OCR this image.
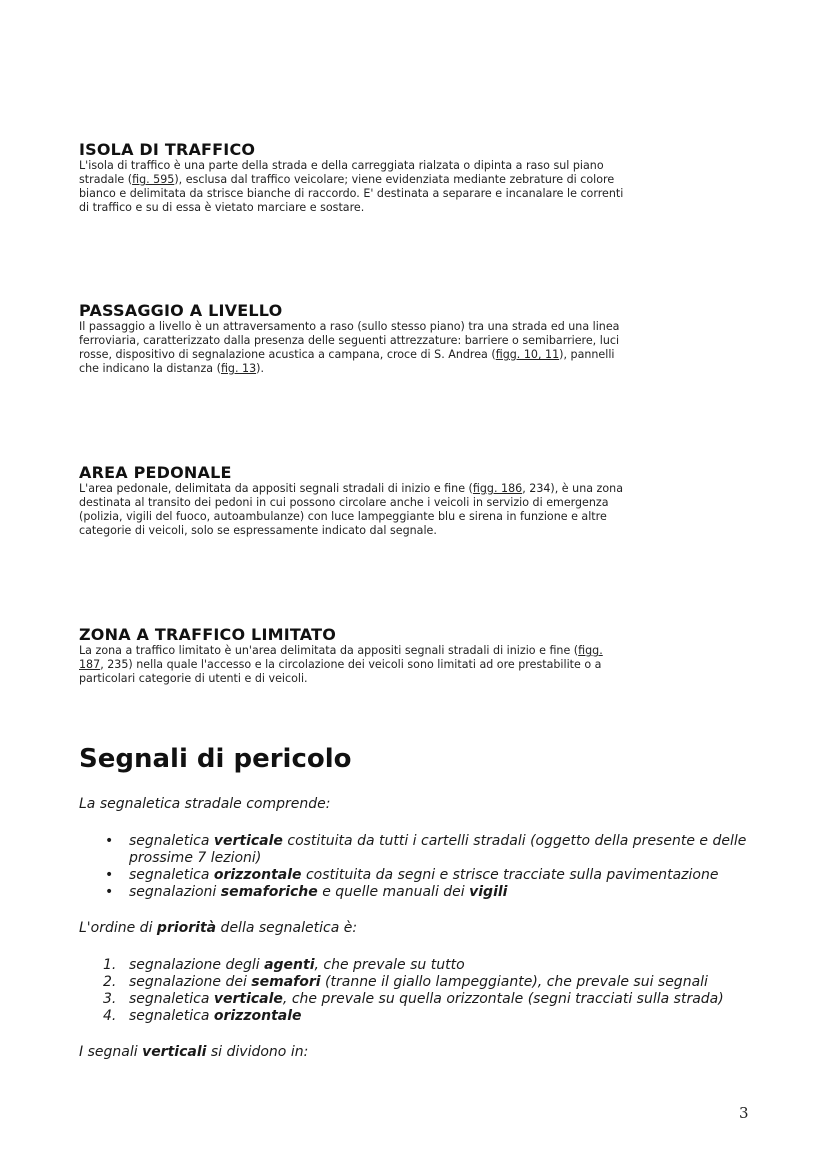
ISOLA DI TRAFFICO

L'isola di traffico è una parte della strada e della carreggiata rialzata o dipinta a raso sul piano stradale (fig. 595), esclusa dal traffico veicolare; viene evidenziata mediante zebrature di colore bianco e delimitata da strisce bianche di raccordo. E' destinata a separare e incanalare le correnti di traffico e su di essa è vietato marciare e sostare.

PASSAGGIO A LIVELLO

Il passaggio a livello è un attraversamento a raso (sullo stesso piano) tra una strada ed una linea ferroviaria, caratterizzato dalla presenza delle seguenti attrezzature: barriere o semibarriere, luci rosse, dispositivo di segnalazione acustica a campana, croce di S. Andrea (figg. 10, 11), pannelli che indicano la distanza (fig. 13).

AREA PEDONALE

L'area pedonale, delimitata da appositi segnali stradali di inizio e fine (figg. 186, 234), è una zona destinata al transito dei pedoni in cui possono circolare anche i veicoli in servizio di emergenza (polizia, vigili del fuoco, autoambulanze) con luce lampeggiante blu e sirena in funzione e altre categorie di veicoli, solo se espressamente indicato dal segnale.

ZONA A TRAFFICO LIMITATO

La zona a traffico limitato è un'area delimitata da appositi segnali stradali di inizio e fine (figg. 187, 235) nella quale l'accesso e la circolazione dei veicoli sono limitati ad ore prestabilite o a particolari categorie di utenti e di veicoli.

Segnali di pericolo

La segnaletica stradale comprende:

• segnaletica verticale costituita da tutti i cartelli stradali (oggetto della presente e delle prossime 7 lezioni)
• segnaletica orizzontale costituita da segni e strisce tracciate sulla pavimentazione
• segnalazioni semaforiche e quelle manuali dei vigili

L'ordine di priorità della segnaletica è:

1. segnalazione degli agenti, che prevale su tutto
2. segnalazione dei semafori (tranne il giallo lampeggiante), che prevale sui segnali
3. segnaletica verticale, che prevale su quella orizzontale (segni tracciati sulla strada)
4. segnaletica orizzontale

I segnali verticali si dividono in:

3
